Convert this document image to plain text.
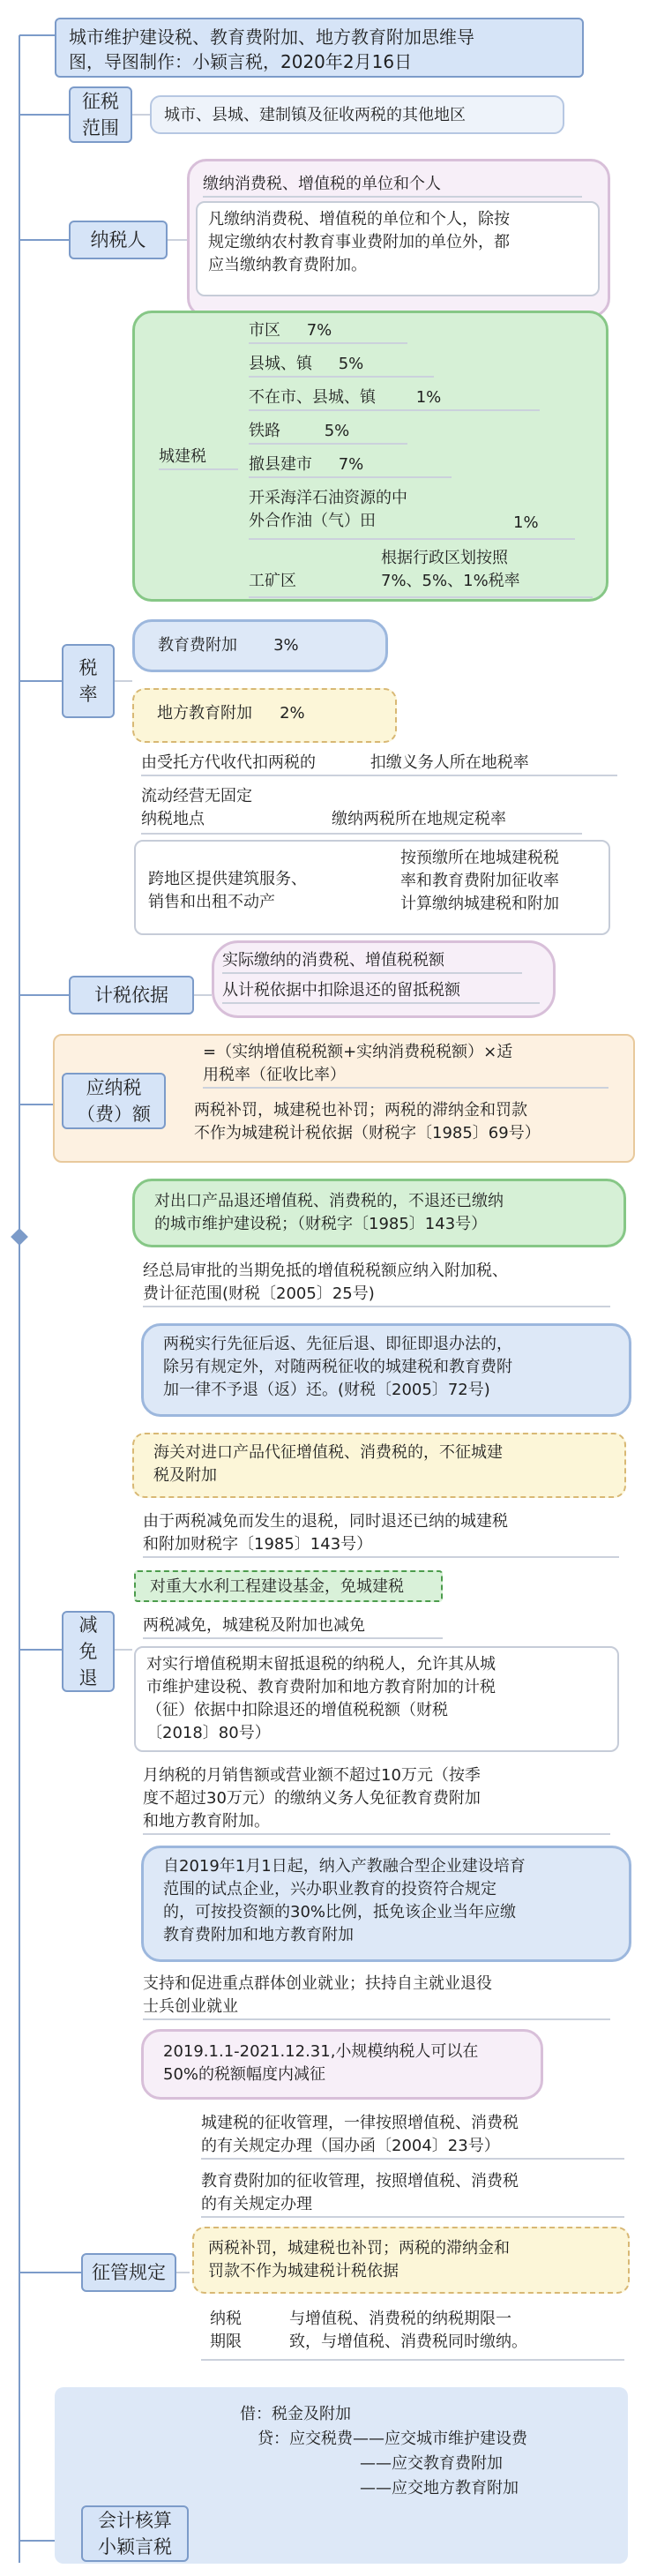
城市维护建设税、教育费附加、地方教育附加思维导
图，导图制作：小颖言税，2020年2月16日
征税
范围
城市、县城、建制镇及征收两税的其他地区
纳税人
缴纳消费税、增值税的单位和个人
凡缴纳消费税、增值税的单位和个人，除按
规定缴纳农村教育事业费附加的单位外，都
应当缴纳教育费附加。
税
率
城建税
市区 7%
县城、镇 5%
不在市、县城、镇	1%
铁路	5%
撤县建市 7%
开采海洋石油资源的中
外合作油（气）田	1%
工矿区
根据行政区划按照
7%、5%、1%税率
教育费附加 3%
地方教育附加 2%
由受托方代收代扣两税的	扣缴义务人所在地税率
流动经营无固定
纳税地点	缴纳两税所在地规定税率
跨地区提供建筑服务、
销售和出租不动产
按预缴所在地城建税税
率和教育费附加征收率
计算缴纳城建税和附加
计税依据
实际缴纳的消费税、增值税税额
从计税依据中扣除退还的留抵税额
应纳税
（费）额
=（实纳增值税税额+实纳消费税税额）×适
用税率（征收比率）
两税补罚，城建税也补罚；两税的滞纳金和罚款
不作为城建税计税依据（财税字〔1985〕69号）
减
免
退
对出口产品退还增值税、消费税的，不退还已缴纳
的城市维护建设税；（财税字〔1985〕143号）
经总局审批的当期免抵的增值税税额应纳入附加税、
费计征范围(财税〔2005〕25号)
两税实行先征后返、先征后退、即征即退办法的，
除另有规定外，对随两税征收的城建税和教育费附
加一律不予退（返）还。(财税〔2005〕72号)
海关对进口产品代征增值税、消费税的，不征城建
税及附加
由于两税减免而发生的退税，同时退还已纳的城建税
和附加财税字〔1985〕143号）
对重大水利工程建设基金，免城建税
两税减免，城建税及附加也减免
对实行增值税期末留抵退税的纳税人，允许其从城
市维护建设税、教育费附加和地方教育附加的计税
（征）依据中扣除退还的增值税税额（财税
〔2018〕80号）
月纳税的月销售额或营业额不超过10万元（按季
度不超过30万元）的缴纳义务人免征教育费附加
和地方教育附加。
自2019年1月1日起，纳入产教融合型企业建设培育
范围的试点企业，兴办职业教育的投资符合规定
的，可按投资额的30%比例，抵免该企业当年应缴
教育费附加和地方教育附加
支持和促进重点群体创业就业；扶持自主就业退役
士兵创业就业
2019.1.1-2021.12.31,小规模纳税人可以在
50%的税额幅度内减征
征管规定
城建税的征收管理，一律按照增值税、消费税
的有关规定办理（国办函〔2004〕23号）
教育费附加的征收管理，按照增值税、消费税
的有关规定办理
两税补罚，城建税也补罚；两税的滞纳金和
罚款不作为城建税计税依据
纳税
期限
与增值税、消费税的纳税期限一
致，与增值税、消费税同时缴纳。
借：税金及附加
贷：应交税费——应交城市维护建设费
——应交教育费附加
——应交地方教育附加
会计核算
小颖言税
